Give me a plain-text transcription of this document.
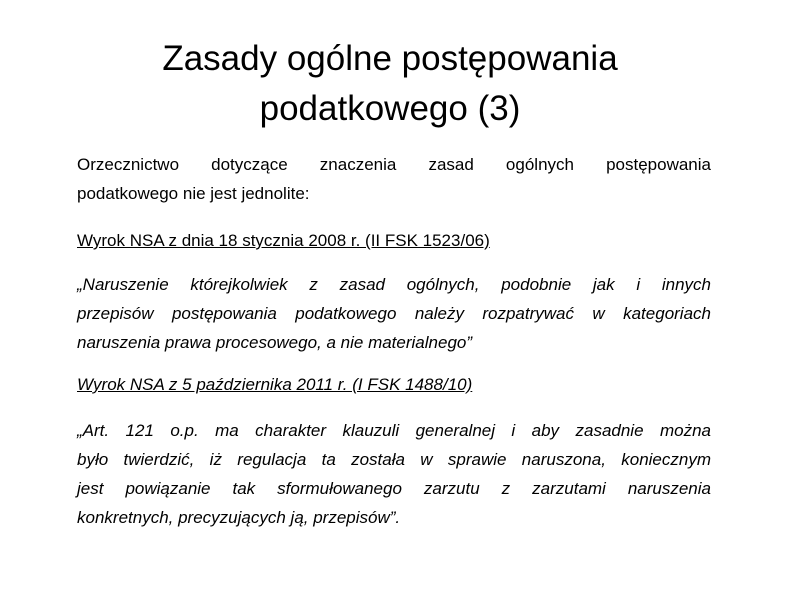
Zasady ogólne postępowania
podatkowego (3)

Orzecznictwo dotyczące znaczenia zasad ogólnych postępowania
podatkowego nie jest jednolite:

Wyrok NSA z dnia 18 stycznia 2008 r. (II FSK 1523/06)

„Naruszenie którejkolwiek z zasad ogólnych, podobnie jak i innych
przepisów postępowania podatkowego należy rozpatrywać w kategoriach
naruszenia prawa procesowego, a nie materialnego”

Wyrok NSA z 5 października 2011 r. (I FSK 1488/10)

„Art. 121 o.p. ma charakter klauzuli generalnej i aby zasadnie można
było twierdzić, iż regulacja ta została w sprawie naruszona, koniecznym
jest powiązanie tak sformułowanego zarzutu z zarzutami naruszenia
konkretnych, precyzujących ją, przepisów”.
